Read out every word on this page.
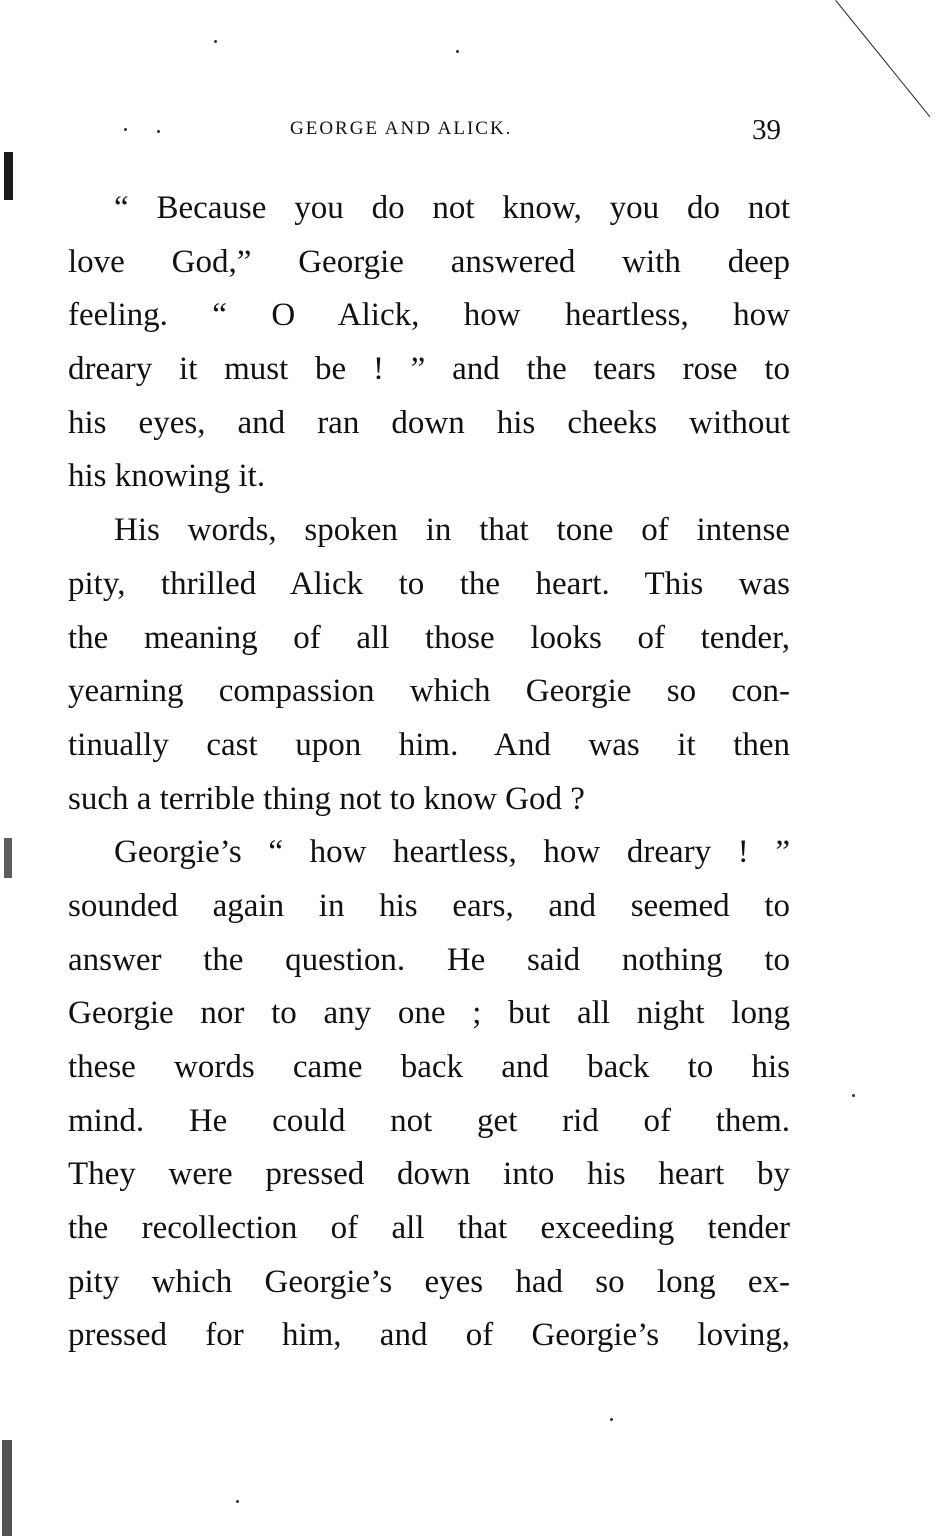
GEORGE AND ALICK.	39
“ Because you do not know, you do not
love God,” Georgie answered with deep
feeling. “ O Alick, how heartless, how
dreary it must be ! ” and the tears rose to
his eyes, and ran down his cheeks without
his knowing it.
His words, spoken in that tone of intense
pity, thrilled Alick to the heart. This was
the meaning of all those looks of tender,
yearning compassion which Georgie so con-
tinually cast upon him. And was it then
such a terrible thing not to know God ?
Georgie’s “ how heartless, how dreary ! ”
sounded again in his ears, and seemed to
answer the question. He said nothing to
Georgie nor to any one ; but all night long
these words came back and back to his
mind. He could not get rid of them.
They were pressed down into his heart by
the recollection of all that exceeding tender
pity which Georgie’s eyes had so long ex-
pressed for him, and of Georgie’s loving,
